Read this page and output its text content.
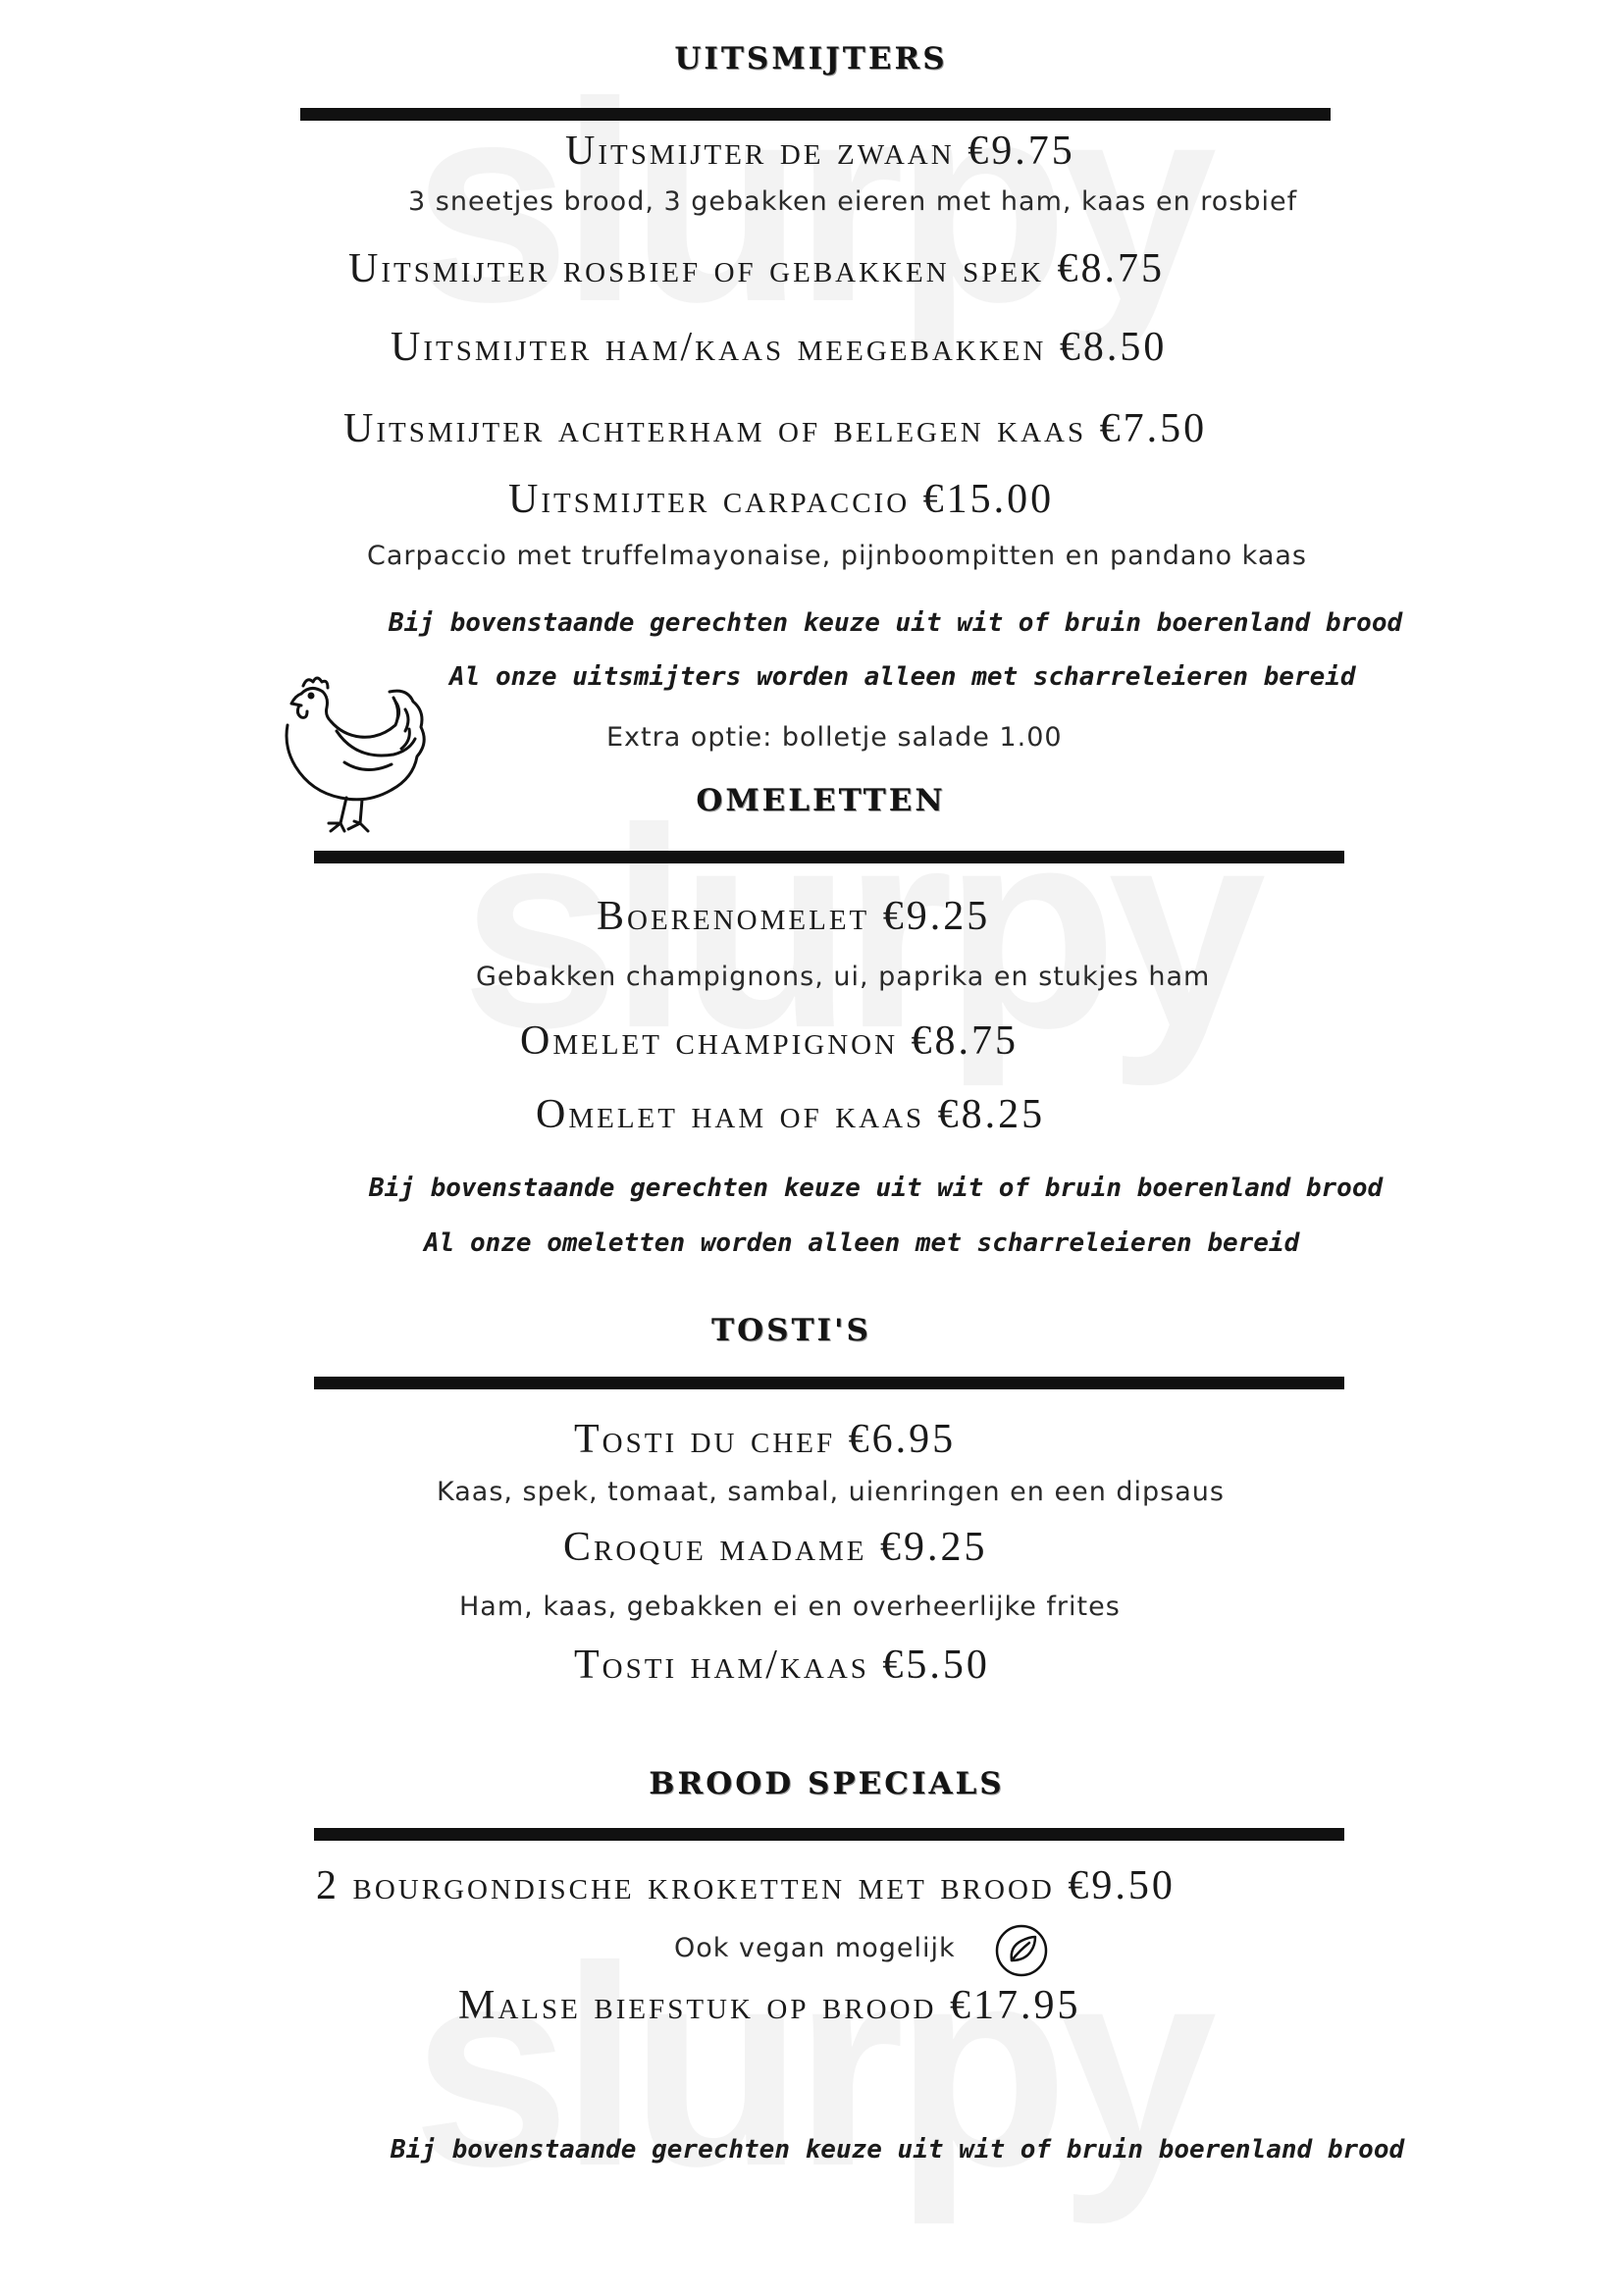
UITSMIJTERS
Uitsmijter de zwaan €9.75
3 sneetjes brood, 3 gebakken eieren met ham, kaas en rosbief
Uitsmijter rosbief of gebakken spek €8.75
Uitsmijter ham/kaas meegebakken €8.50
Uitsmijter achterham of belegen kaas €7.50
Uitsmijter carpaccio €15.00
Carpaccio met truffelmayonaise, pijnboompitten en pandano kaas
Bij bovenstaande gerechten keuze uit wit of bruin boerenland brood
Al onze uitsmijters worden alleen met scharreleieren bereid
Extra optie: bolletje salade 1.00
OMELETTEN
Boerenomelet €9.25
Gebakken champignons, ui, paprika en stukjes ham
Omelet champignon €8.75
Omelet ham of kaas €8.25
Bij bovenstaande gerechten keuze uit wit of bruin boerenland brood
Al onze omeletten worden alleen met scharreleieren bereid
TOSTI'S
Tosti du chef €6.95
Kaas, spek, tomaat, sambal, uienringen en een dipsaus
Croque madame €9.25
Ham, kaas, gebakken ei en overheerlijke frites
Tosti ham/kaas €5.50
BROOD SPECIALS
2 bourgondische kroketten met brood €9.50
Ook vegan mogelijk
Malse biefstuk op brood €17.95
Bij bovenstaande gerechten keuze uit wit of bruin boerenland brood
